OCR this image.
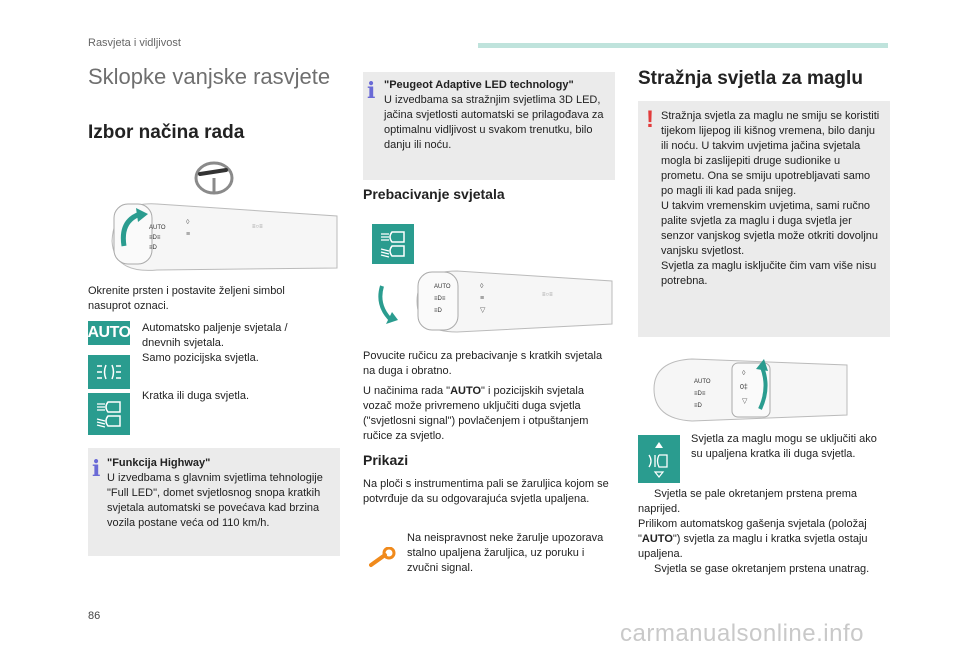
Rasvjeta i vidljivost
Sklopke vanjske rasvjete
Izbor načina rada
AUTO
≡D≡
≡D
◊
≡
≡○≡
Okrenite prsten i postavite željeni simbol nasuprot oznaci.
AUTO Automatsko paljenje svjetala / dnevnih svjetala.
Samo pozicijska svjetla.
Kratka ili duga svjetla.
i "Funkcija Highway"
U izvedbama s glavnim svjetlima tehnologije "Full LED", domet svjetlosnog snopa kratkih svjetala automatski se povećava kad brzina vozila postane veća od 110 km/h.
i "Peugeot Adaptive LED technology"
U izvedbama sa stražnjim svjetlima 3D LED, jačina svjetlosti automatski se prilagođava za optimalnu vidljivost u svakom trenutku, bilo danju ili noću.
Prebacivanje svjetala
AUTO
≡D≡
≡D
◊
≡
▽
≡○≡
Povucite ručicu za prebacivanje s kratkih svjetala na duga i obratno.
U načinima rada "AUTO" i pozicijskih svjetala vozač može privremeno uključiti duga svjetla ("svjetlosni signal") povlačenjem i otpuštanjem ručice za svjetlo.
Prikazi
Na ploči s instrumentima pali se žaruljica kojom se potvrđuje da su odgovarajuća svjetla upaljena.
Na neispravnost neke žarulje upozorava stalno upaljena žaruljica, uz poruku i zvučni signal.
Stražnja svjetla za maglu
! Stražnja svjetla za maglu ne smiju se koristiti tijekom lijepog ili kišnog vremena, bilo danju ili noću. U takvim uvjetima jačina svjetala mogla bi zaslijepiti druge sudionike u prometu. Ona se smiju upotrebljavati samo po magli ili kad pada snijeg.
U takvim vremenskim uvjetima, sami ručno palite svjetla za maglu i duga svjetla jer senzor vanjskog svjetla može otkriti dovoljnu vanjsku svjetlost.
Svjetla za maglu isključite čim vam više nisu potrebna.
AUTO
≡D≡
≡D
◊
0‡
▽
Svjetla za maglu mogu se uključiti ako su upaljena kratka ili duga svjetla.
Svjetla se pale okretanjem prstena prema naprijed.
Prilikom automatskog gašenja svjetala (položaj "AUTO") svjetla za maglu i kratka svjetla ostaju upaljena.
Svjetla se gase okretanjem prstena unatrag.
86
carmanualsonline.info
